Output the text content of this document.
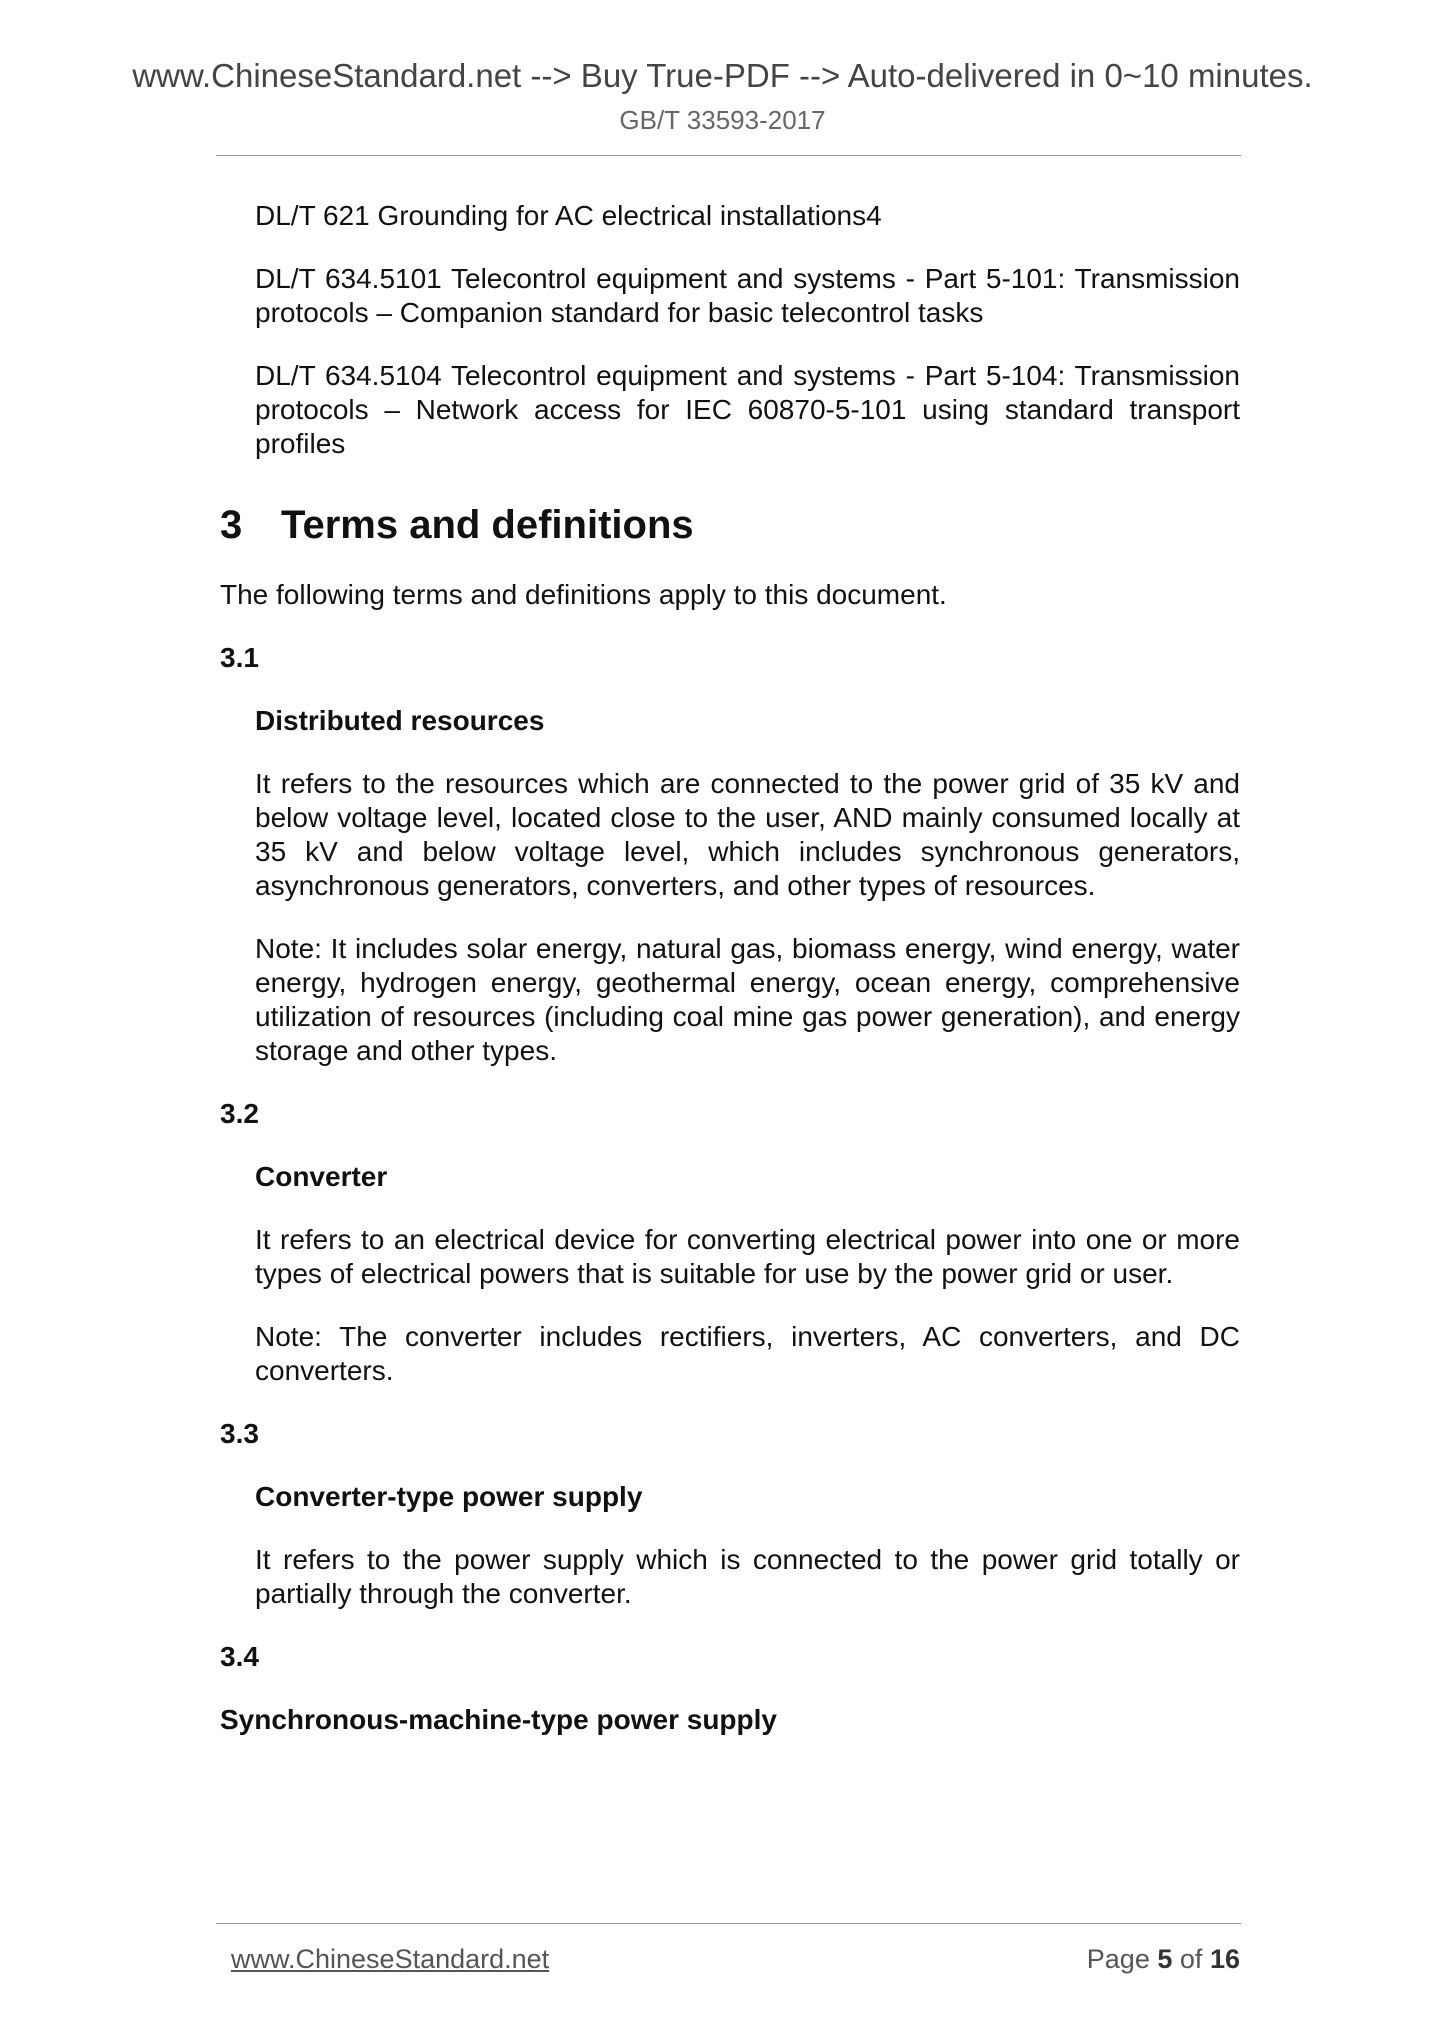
www.ChineseStandard.net --> Buy True-PDF --> Auto-delivered in 0~10 minutes.
GB/T 33593-2017

DL/T 621 Grounding for AC electrical installations4

DL/T 634.5101 Telecontrol equipment and systems - Part 5-101: Transmission protocols – Companion standard for basic telecontrol tasks

DL/T 634.5104 Telecontrol equipment and systems - Part 5-104: Transmission protocols – Network access for IEC 60870-5-101 using standard transport profiles

3 Terms and definitions

The following terms and definitions apply to this document.

3.1

Distributed resources

It refers to the resources which are connected to the power grid of 35 kV and below voltage level, located close to the user, AND mainly consumed locally at 35 kV and below voltage level, which includes synchronous generators, asynchronous generators, converters, and other types of resources.

Note: It includes solar energy, natural gas, biomass energy, wind energy, water energy, hydrogen energy, geothermal energy, ocean energy, comprehensive utilization of resources (including coal mine gas power generation), and energy storage and other types.

3.2

Converter

It refers to an electrical device for converting electrical power into one or more types of electrical powers that is suitable for use by the power grid or user.

Note: The converter includes rectifiers, inverters, AC converters, and DC converters.

3.3

Converter-type power supply

It refers to the power supply which is connected to the power grid totally or partially through the converter.

3.4

Synchronous-machine-type power supply

www.ChineseStandard.net	Page 5 of 16
